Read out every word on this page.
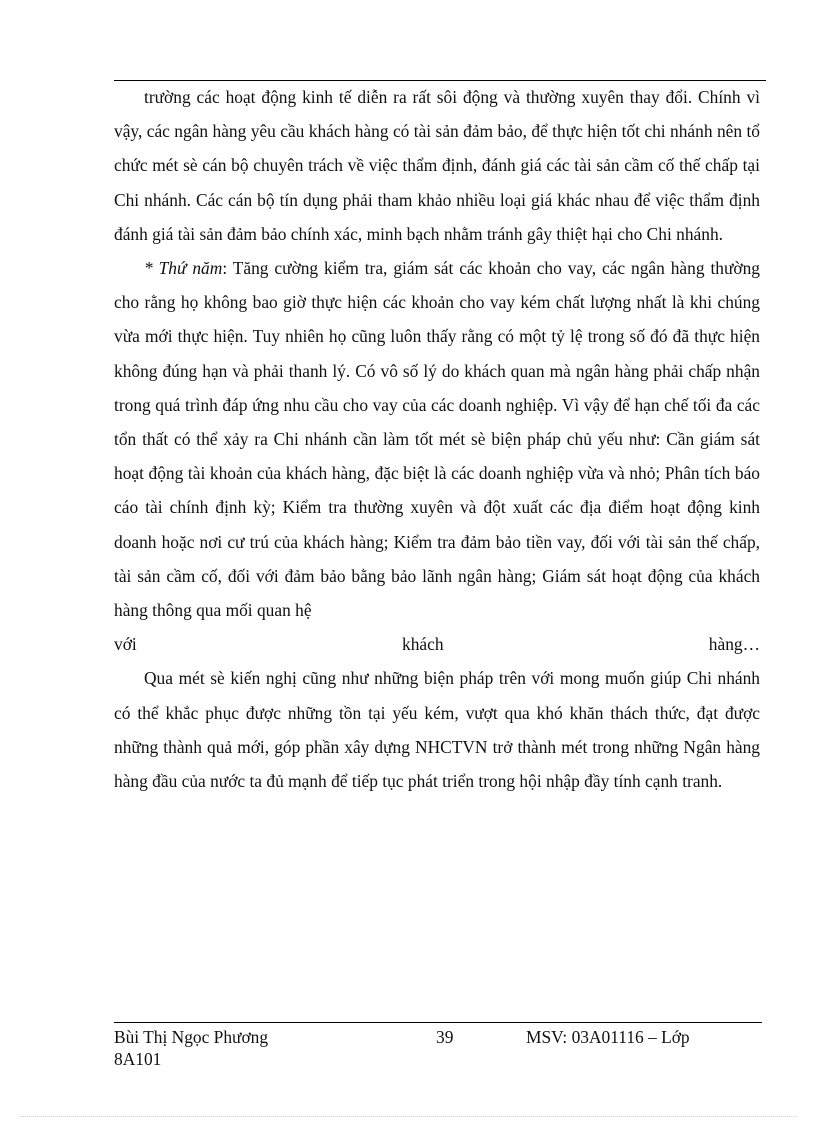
trường các hoạt động kinh tế diễn ra rất sôi động và thường xuyên thay đổi. Chính vì vậy, các ngân hàng yêu cầu khách hàng có tài sản đảm bảo, để thực hiện tốt chi nhánh nên tổ chức mét sè cán bộ chuyên trách về việc thẩm định, đánh giá các tài sản cầm cố thế chấp tại Chi nhánh. Các cán bộ tín dụng phải tham khảo nhiều loại giá khác nhau để việc thẩm định đánh giá tài sản đảm bảo chính xác, minh bạch nhằm tránh gây thiệt hại cho Chi nhánh.

* Thứ năm: Tăng cường kiểm tra, giám sát các khoản cho vay, các ngân hàng thường cho rằng họ không bao giờ thực hiện các khoản cho vay kém chất lượng nhất là khi chúng vừa mới thực hiện. Tuy nhiên họ cũng luôn thấy rằng có một tỷ lệ trong số đó đã thực hiện không đúng hạn và phải thanh lý. Có vô số lý do khách quan mà ngân hàng phải chấp nhận trong quá trình đáp ứng nhu cầu cho vay của các doanh nghiệp. Vì vậy để hạn chế tối đa các tổn thất có thể xảy ra Chi nhánh cần làm tốt mét sè biện pháp chủ yếu như: Cần giám sát hoạt động tài khoản của khách hàng, đặc biệt là các doanh nghiệp vừa và nhỏ; Phân tích báo cáo tài chính định kỳ; Kiểm tra thường xuyên và đột xuất các địa điểm hoạt động kinh doanh hoặc nơi cư trú của khách hàng; Kiểm tra đảm bảo tiền vay, đối với tài sản thế chấp, tài sản cầm cố, đối với đảm bảo bằng bảo lãnh ngân hàng; Giám sát hoạt động của khách hàng thông qua mối quan hệ

với	khách	hàng…

Qua mét sè kiến nghị cũng như những biện pháp trên với mong muốn giúp Chi nhánh có thể khắc phục được những tồn tại yếu kém, vượt qua khó khăn thách thức, đạt được những thành quả mới, góp phần xây dựng NHCTVN trở thành mét trong những Ngân hàng hàng đầu của nước ta đủ mạnh để tiếp tục phát triển trong hội nhập đầy tính cạnh tranh.

Bùi Thị Ngọc Phương 8A101
39	MSV: 03A01116 – Lớp
